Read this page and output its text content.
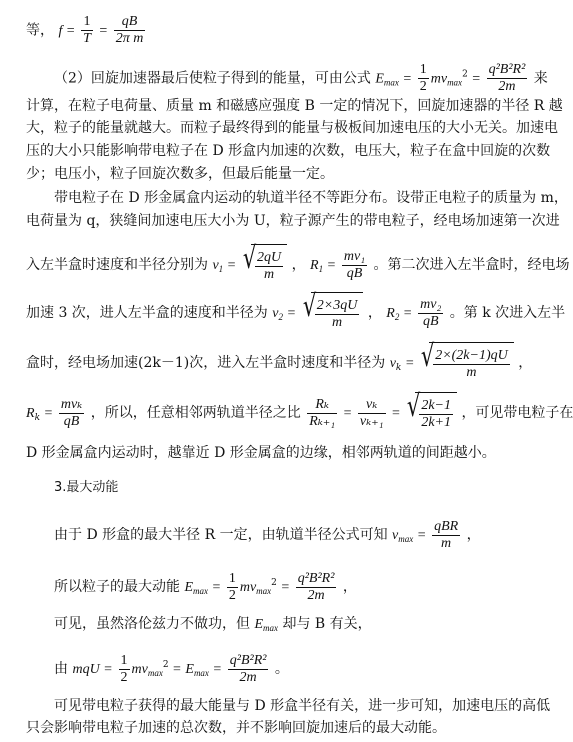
等， $f = \frac{1}{T} = \frac{qB}{\text{2π m}}$
（2）回旋加速器最后使粒子得到的能量，可由公式 $E_{max} = \frac{1}{2} mv_{max}^2 = \frac{\text{q²B²R²}}{2m}$ 来
计算，在粒子电荷量、质量 m 和磁感应强度 B 一定的情况下，回旋加速器的半径 R 越
大，粒子的能量就越大。而粒子最终得到的能量与极板间加速电压的大小无关。加速电
压的大小只能影响带电粒子在 D 形盒内加速的次数，电压大，粒子在盒中回旋的次数
少；电压小，粒子回旋次数多，但最后能量一定。
带电粒子在 D 形金属盒内运动的轨道半径不等距分布。设带正电粒子的质量为 m，
电荷量为 q，狭缝间加速电压大小为 U，粒子源产生的带电粒子，经电场加速第一次进
入左半盒时速度和半径分别为 $v_1$ = √
$\frac{2qU}{m}$ ， $R_1 = \frac{\text{mv₁}}{qB}$ 。第二次进入左半盒时，经电场
加速 3 次，进人左半盒的速度和半径为 $v_2$ = √
$\frac{2\times 3qU}{m}$ ， $R_2 = \frac{\text{mv₂}}{qB}$ 。第 k 次进入左半
盒时，经电场加速(2k－1)次，进入左半盒时速度和半径为 $v_k$ = √
$\frac{2\times(2k-1)qU}{m}$ ，
$R_k = \frac{\text{mvₖ}}{qB}$ ，所以，任意相邻两轨道半径之比 $\frac{\text{Rₖ}}{\text{Rₖ₊₁}} = \frac{\text{vₖ}}{\text{vₖ₊₁}}$ = √
$\frac{2k-1}{2k+1}$ ，可见带电粒子在
D 形金属盒内运动时，越靠近 D 形金属盒的边缘，相邻两轨道的间距越小。
3.最大动能
由于 D 形盒的最大半径 R 一定，由轨道半径公式可知 $v_{max} = \frac{\text{qBR}}{m}$ ，
所以粒子的最大动能 $E_{max} = \frac{1}{2} mv_{max}^2 = \frac{\text{q²B²R²}}{2m}$ ，
可见，虽然洛伦兹力不做功，但 $E_{max}$ 却与 B 有关，
由 mqU = $\frac{1}{2} mv_{max}^2 = E_{max} = \frac{\text{q²B²R²}}{2m}$ 。
可见带电粒子获得的最大能量与 D 形盒半径有关，进一步可知，加速电压的高低
只会影响带电粒子加速的总次数，并不影响回旋加速后的最大动能。
